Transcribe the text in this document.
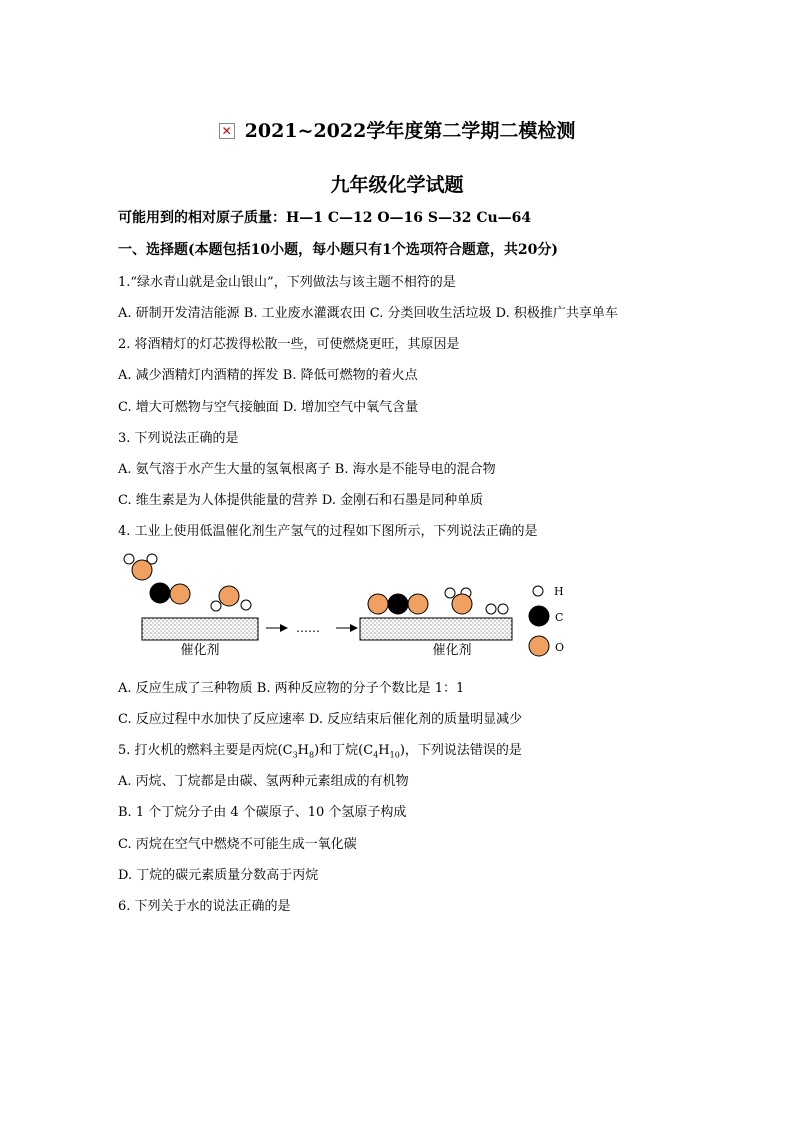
✕ 2021~2022学年度第二学期二模检测
九年级化学试题
可能用到的相对原子质量：H—1 C—12 O—16 S—32 Cu—64
一、选择题(本题包括10小题，每小题只有1个选项符合题意，共20分)
1.“绿水青山就是金山银山”，下列做法与该主题不相符的是
A. 研制开发清洁能源 B. 工业废水灌溉农田 C. 分类回收生活垃圾 D. 积极推广共享单车
2. 将酒精灯的灯芯拨得松散一些，可使燃烧更旺，其原因是
A. 减少酒精灯内酒精的挥发 B. 降低可燃物的着火点
C. 增大可燃物与空气接触面 D. 增加空气中氧气含量
3. 下列说法正确的是
A. 氨气溶于水产生大量的氢氧根离子 B. 海水是不能导电的混合物
C. 维生素是为人体提供能量的营养 D. 金刚石和石墨是同种单质
4. 工业上使用低温催化剂生产氢气的过程如下图所示，下列说法正确的是
催化剂
……
催化剂
H
C
O
A. 反应生成了三种物质 B. 两种反应物的分子个数比是 1：1
C. 反应过程中水加快了反应速率 D. 反应结束后催化剂的质量明显减少
5. 打火机的燃料主要是丙烷$(C_3H_8)$和丁烷$(C_4H_{10})$，下列说法错误的是
A. 丙烷、丁烷都是由碳、氢两种元素组成的有机物
B. 1 个丁烷分子由 4 个碳原子、10 个氢原子构成
C. 丙烷在空气中燃烧不可能生成一氧化碳
D. 丁烷的碳元素质量分数高于丙烷
6. 下列关于水的说法正确的是
